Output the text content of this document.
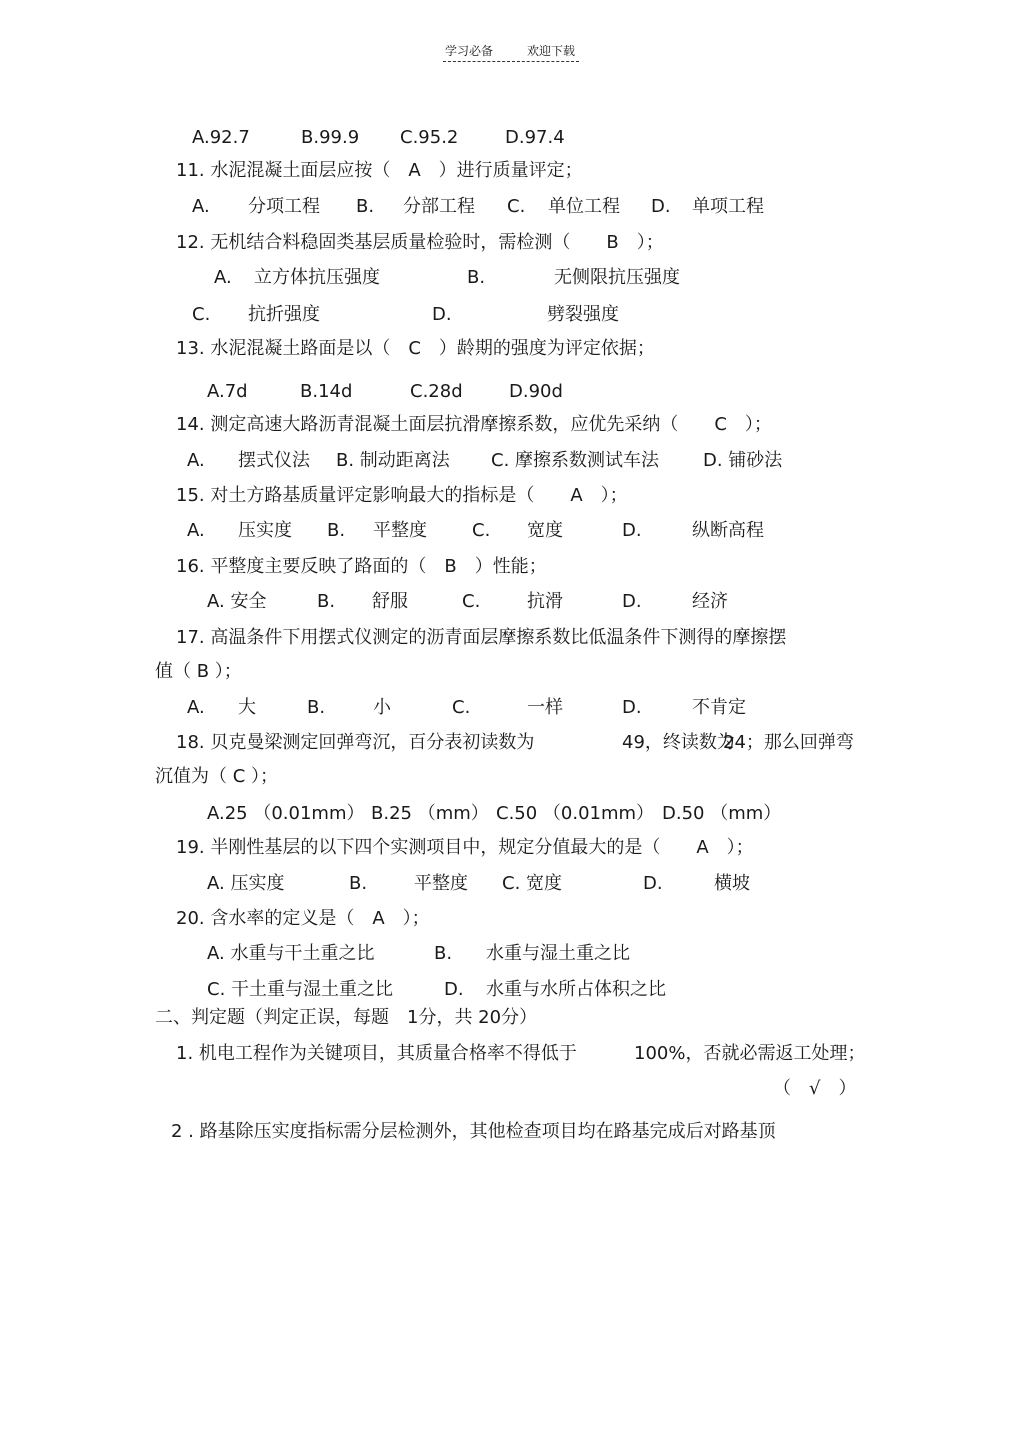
学习必备	欢迎下载
A.92.7	B.99.9 C.95.2	D.97.4
11. 水泥混凝土面层应按（　A　）进行质量评定；
A. 分项工程 B. 分部工程 C. 单位工程 D. 单项工程
12. 无机结合料稳固类基层质量检验时，需检测（　　B　）；
A. 立方体抗压强度	B.	无侧限抗压强度
C. 抗折强度	D.	劈裂强度
13. 水泥混凝土路面是以（　C　）龄期的强度为评定依据；
A.7d	B.14d	C.28d	D.90d
14. 测定高速大路沥青混凝土面层抗滑摩擦系数，应优先采纳（　　C　）；
A. 摆式仪法 B. 制动距离法 C. 摩擦系数测试车法 D. 铺砂法
15. 对土方路基质量评定影响最大的指标是（　　A　）；
A. 压实度 B. 平整度	C. 宽度	D.	纵断高程
16. 平整度主要反映了路面的（　B　）性能；
A. 安全	B. 舒服	C.	抗滑	D.	经济
17. 高温条件下用摆式仪测定的沥青面层摩擦系数比低温条件下测得的摩擦摆
值（ B ）；
A. 大	B.	小	C.	一样	D.	不肯定
18. 贝克曼梁测定回弹弯沉，百分表初读数为	49，终读数为
24；那么回弹弯
沉值为（ C ）；
A.25 （0.01mm） B.25 （mm） C.50 （0.01mm） D.50 （mm）
19. 半刚性基层的以下四个实测项目中，规定分值最大的是（　　A　）；
A. 压实度	B.	平整度 C. 宽度	D.	横坡
20. 含水率的定义是（　A　）；
A. 水重与干土重之比	B. 水重与湿土重之比
C. 干土重与湿土重之比	D. 水重与水所占体积之比
二、判定题（判定正误，每题　1分，共 20分）
1. 机电工程作为关键项目，其质量合格率不得低于	100%，否就必需返工处理；
（　√　）
2 . 路基除压实度指标需分层检测外，其他检查项目均在路基完成后对路基顶
